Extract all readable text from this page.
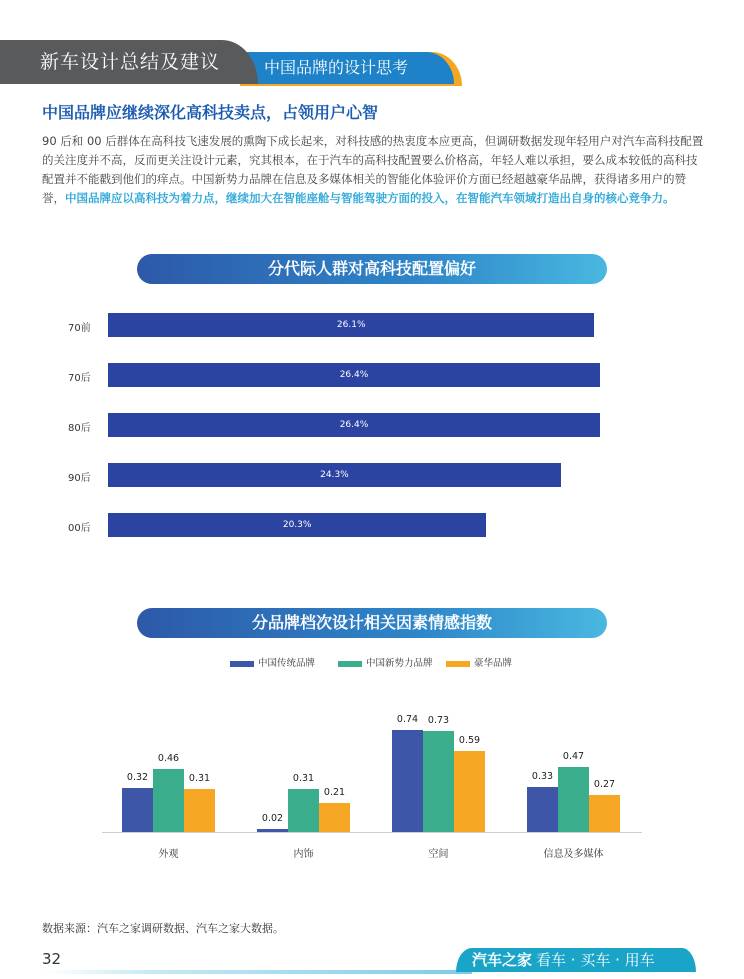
中国品牌的设计思考
新车设计总结及建议
中国品牌应继续深化高科技卖点，占领用户心智
90 后和 00 后群体在高科技飞速发展的熏陶下成长起来，对科技感的热衷度本应更高，但调研数据发现年轻用户对汽车高科技配置的关注度并不高，反而更关注设计元素，究其根本，在于汽车的高科技配置要么价格高，年轻人难以承担，要么成本较低的高科技配置并不能戳到他们的痒点。中国新势力品牌在信息及多媒体相关的智能化体验评价方面已经超越豪华品牌，获得诸多用户的赞誉，中国品牌应以高科技为着力点，继续加大在智能座舱与智能驾驶方面的投入，在智能汽车领域打造出自身的核心竞争力。
分代际人群对高科技配置偏好
70前	26.1%
70后	26.4%
80后	26.4%
90后	24.3%
00后	20.3%
分品牌档次设计相关因素情感指数
中国传统品牌	中国新势力品牌	豪华品牌
0.32
0.46
0.31
外观
0.02
0.31
0.21
内饰
0.74	0.73
0.59
空间
0.33
0.47
0.27
信息及多媒体
数据来源：汽车之家调研数据、汽车之家大数据。
32	汽车之家 看车 · 买车 · 用车
